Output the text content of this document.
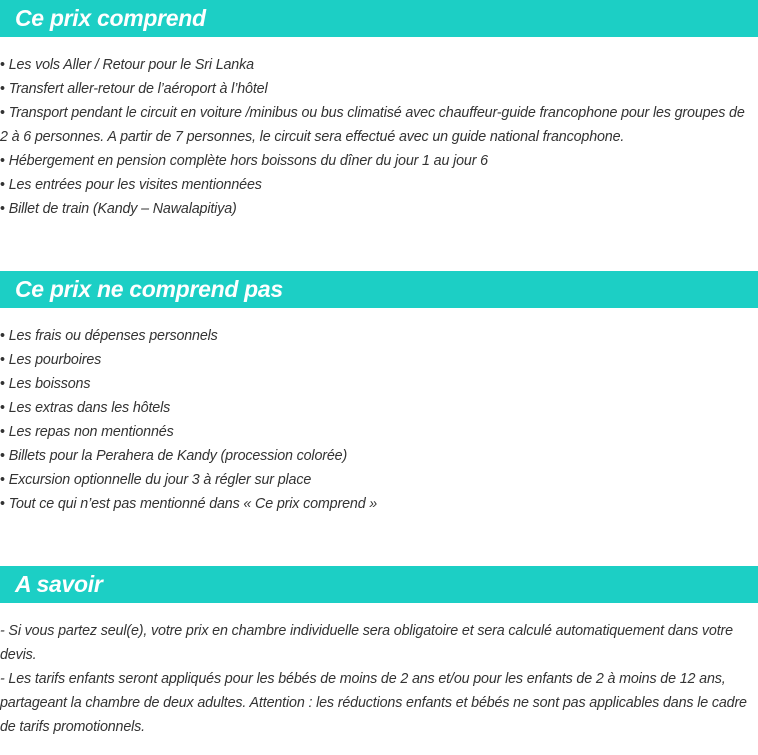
Ce prix comprend
• Les vols Aller / Retour pour le Sri Lanka
• Transfert aller-retour de l’aéroport à l’hôtel
• Transport pendant le circuit en voiture /minibus ou bus climatisé avec chauffeur-guide francophone pour les groupes de 2 à 6 personnes. A partir de 7 personnes, le circuit sera effectué avec un guide national francophone.
• Hébergement en pension complète hors boissons du dîner du jour 1 au jour 6
• Les entrées pour les visites mentionnées
• Billet de train (Kandy – Nawalapitiya)
Ce prix ne comprend pas
• Les frais ou dépenses personnels
• Les pourboires
• Les boissons
• Les extras dans les hôtels
• Les repas non mentionnés
• Billets pour la Perahera de Kandy (procession colorée)
• Excursion optionnelle du jour 3 à régler sur place
• Tout ce qui n’est pas mentionné dans « Ce prix comprend »
A savoir

- Si vous partez seul(e), votre prix en chambre individuelle sera obligatoire et sera calculé automatiquement dans votre devis.

- Les tarifs enfants seront appliqués pour les bébés de moins de 2 ans et/ou pour les enfants de 2 à moins de 12 ans, partageant la chambre de deux adultes. Attention : les réductions enfants et bébés ne sont pas applicables dans le cadre de tarifs promotionnels.
